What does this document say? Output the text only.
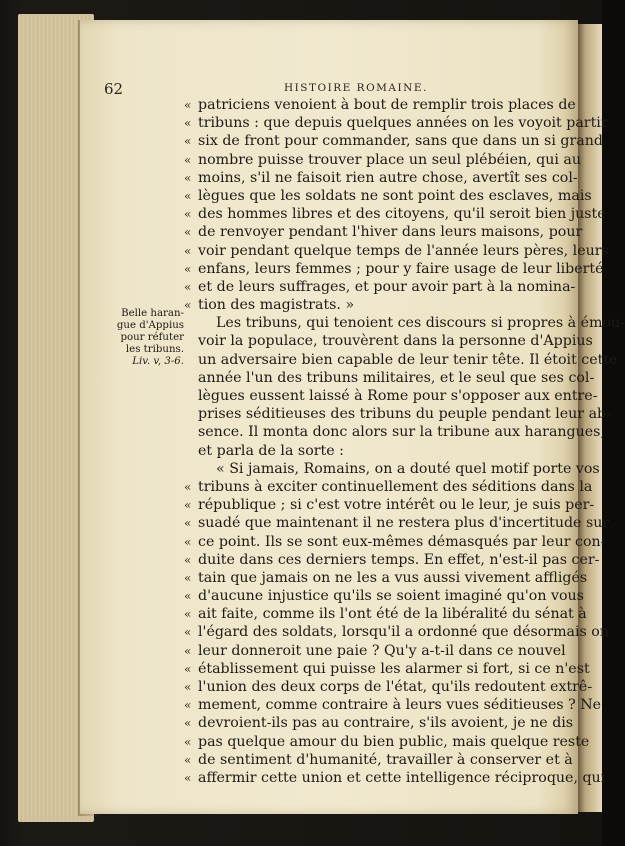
62	HISTOIRE ROMAINE.
Belle haran-
gue d'Appius
pour réfuter
les tribuns.
Liv. v, 3-6.
« patriciens venoient à bout de remplir trois places de
« tribuns : que depuis quelques années on les voyoit partir
« six de front pour commander, sans que dans un si grand
« nombre puisse trouver place un seul plébéien, qui au
« moins, s'il ne faisoit rien autre chose, avertît ses col-
« lègues que les soldats ne sont point des esclaves, mais
« des hommes libres et des citoyens, qu'il seroit bien juste
« de renvoyer pendant l'hiver dans leurs maisons, pour
« voir pendant quelque temps de l'année leurs pères, leurs
« enfans, leurs femmes ; pour y faire usage de leur liberté
« et de leurs suffrages, et pour avoir part à la nomina-
« tion des magistrats. »
Les tribuns, qui tenoient ces discours si propres à émou-
voir la populace, trouvèrent dans la personne d'Appius
un adversaire bien capable de leur tenir tête. Il étoit cette
année l'un des tribuns militaires, et le seul que ses col-
lègues eussent laissé à Rome pour s'opposer aux entre-
prises séditieuses des tribuns du peuple pendant leur ab-
sence. Il monta donc alors sur la tribune aux harangues,
et parla de la sorte :
« Si jamais, Romains, on a douté quel motif porte vos
« tribuns à exciter continuellement des séditions dans la
« république ; si c'est votre intérêt ou le leur, je suis per-
« suadé que maintenant il ne restera plus d'incertitude sur
« ce point. Ils se sont eux-mêmes démasqués par leur con-
« duite dans ces derniers temps. En effet, n'est-il pas cer-
« tain que jamais on ne les a vus aussi vivement affligés
« d'aucune injustice qu'ils se soient imaginé qu'on vous
« ait faite, comme ils l'ont été de la libéralité du sénat à
« l'égard des soldats, lorsqu'il a ordonné que désormais on
« leur donneroit une paie ? Qu'y a-t-il dans ce nouvel
« établissement qui puisse les alarmer si fort, si ce n'est
« l'union des deux corps de l'état, qu'ils redoutent extrê-
« mement, comme contraire à leurs vues séditieuses ? Ne
« devroient-ils pas au contraire, s'ils avoient, je ne dis
« pas quelque amour du bien public, mais quelque reste
« de sentiment d'humanité, travailler à conserver et à
« affermir cette union et cette intelligence réciproque, qui
